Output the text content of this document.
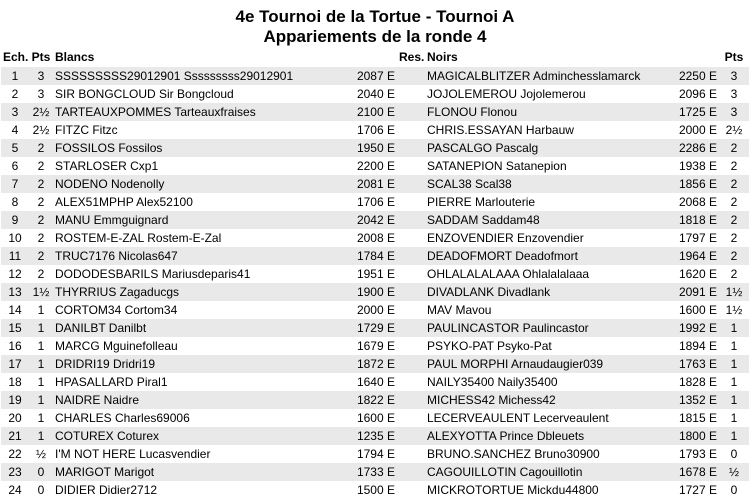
4e Tournoi de la Tortue - Tournoi A
Appariements de la ronde 4
Ech.	Pts	Blancs		Res.	Noirs		Pts
1	3	SSSSSSSSS29012901 Sssssssss29012901	2087 E		MAGICALBLITZER Adminchesslamarck	2250 E	3
2	3	SIR BONGCLOUD Sir Bongcloud	2040 E		JOJOLEMEROU Jojolemerou	2096 E	3
3	2½	TARTEAUXPOMMES Tarteauxfraises	2100 E		FLONOU Flonou	1725 E	3
4	2½	FITZC Fitzc	1706 E		CHRIS.ESSAYAN Harbauw	2000 E	2½
5	2	FOSSILOS Fossilos	1950 E		PASCALGO Pascalg	2286 E	2
6	2	STARLOSER Cxp1	2200 E		SATANEPION Satanepion	1938 E	2
7	2	NODENO Nodenolly	2081 E		SCAL38 Scal38	1856 E	2
8	2	ALEX51MPHP Alex52100	1706 E		PIERRE Marlouterie	2068 E	2
9	2	MANU Emmguignard	2042 E		SADDAM Saddam48	1818 E	2
10	2	ROSTEM-E-ZAL Rostem-E-Zal	2008 E		ENZOVENDIER Enzovendier	1797 E	2
11	2	TRUC7176 Nicolas647	1784 E		DEADOFMORT Deadofmort	1964 E	2
12	2	DODODESBARILS Mariusdeparis41	1951 E		OHLALALALAAA Ohlalalalaaa	1620 E	2
13	1½	THYRRIUS Zagaducgs	1900 E		DIVADLANK Divadlank	2091 E	1½
14	1	CORTOM34 Cortom34	2000 E		MAV Mavou	1600 E	1½
15	1	DANILBT Danilbt	1729 E		PAULINCASTOR Paulincastor	1992 E	1
16	1	MARCG Mguinefolleau	1679 E		PSYKO-PAT Psyko-Pat	1894 E	1
17	1	DRIDRI19 Dridri19	1872 E		PAUL MORPHI Arnaudaugier039	1763 E	1
18	1	HPASALLARD Piral1	1640 E		NAILY35400 Naily35400	1828 E	1
19	1	NAIDRE Naidre	1822 E		MICHESS42 Michess42	1352 E	1
20	1	CHARLES Charles69006	1600 E		LECERVEAULENT Lecerveaulent	1815 E	1
21	1	COTUREX Coturex	1235 E		ALEXYOTTA Prince Dbleuets	1800 E	1
22	½	I'M NOT HERE Lucasvendier	1794 E		BRUNO.SANCHEZ Bruno30900	1793 E	0
23	0	MARIGOT Marigot	1733 E		CAGOUILLOTIN Cagouillotin	1678 E	½
24	0	DIDIER Didier2712	1500 E		MICKROTORTUE Mickdu44800	1727 E	0
